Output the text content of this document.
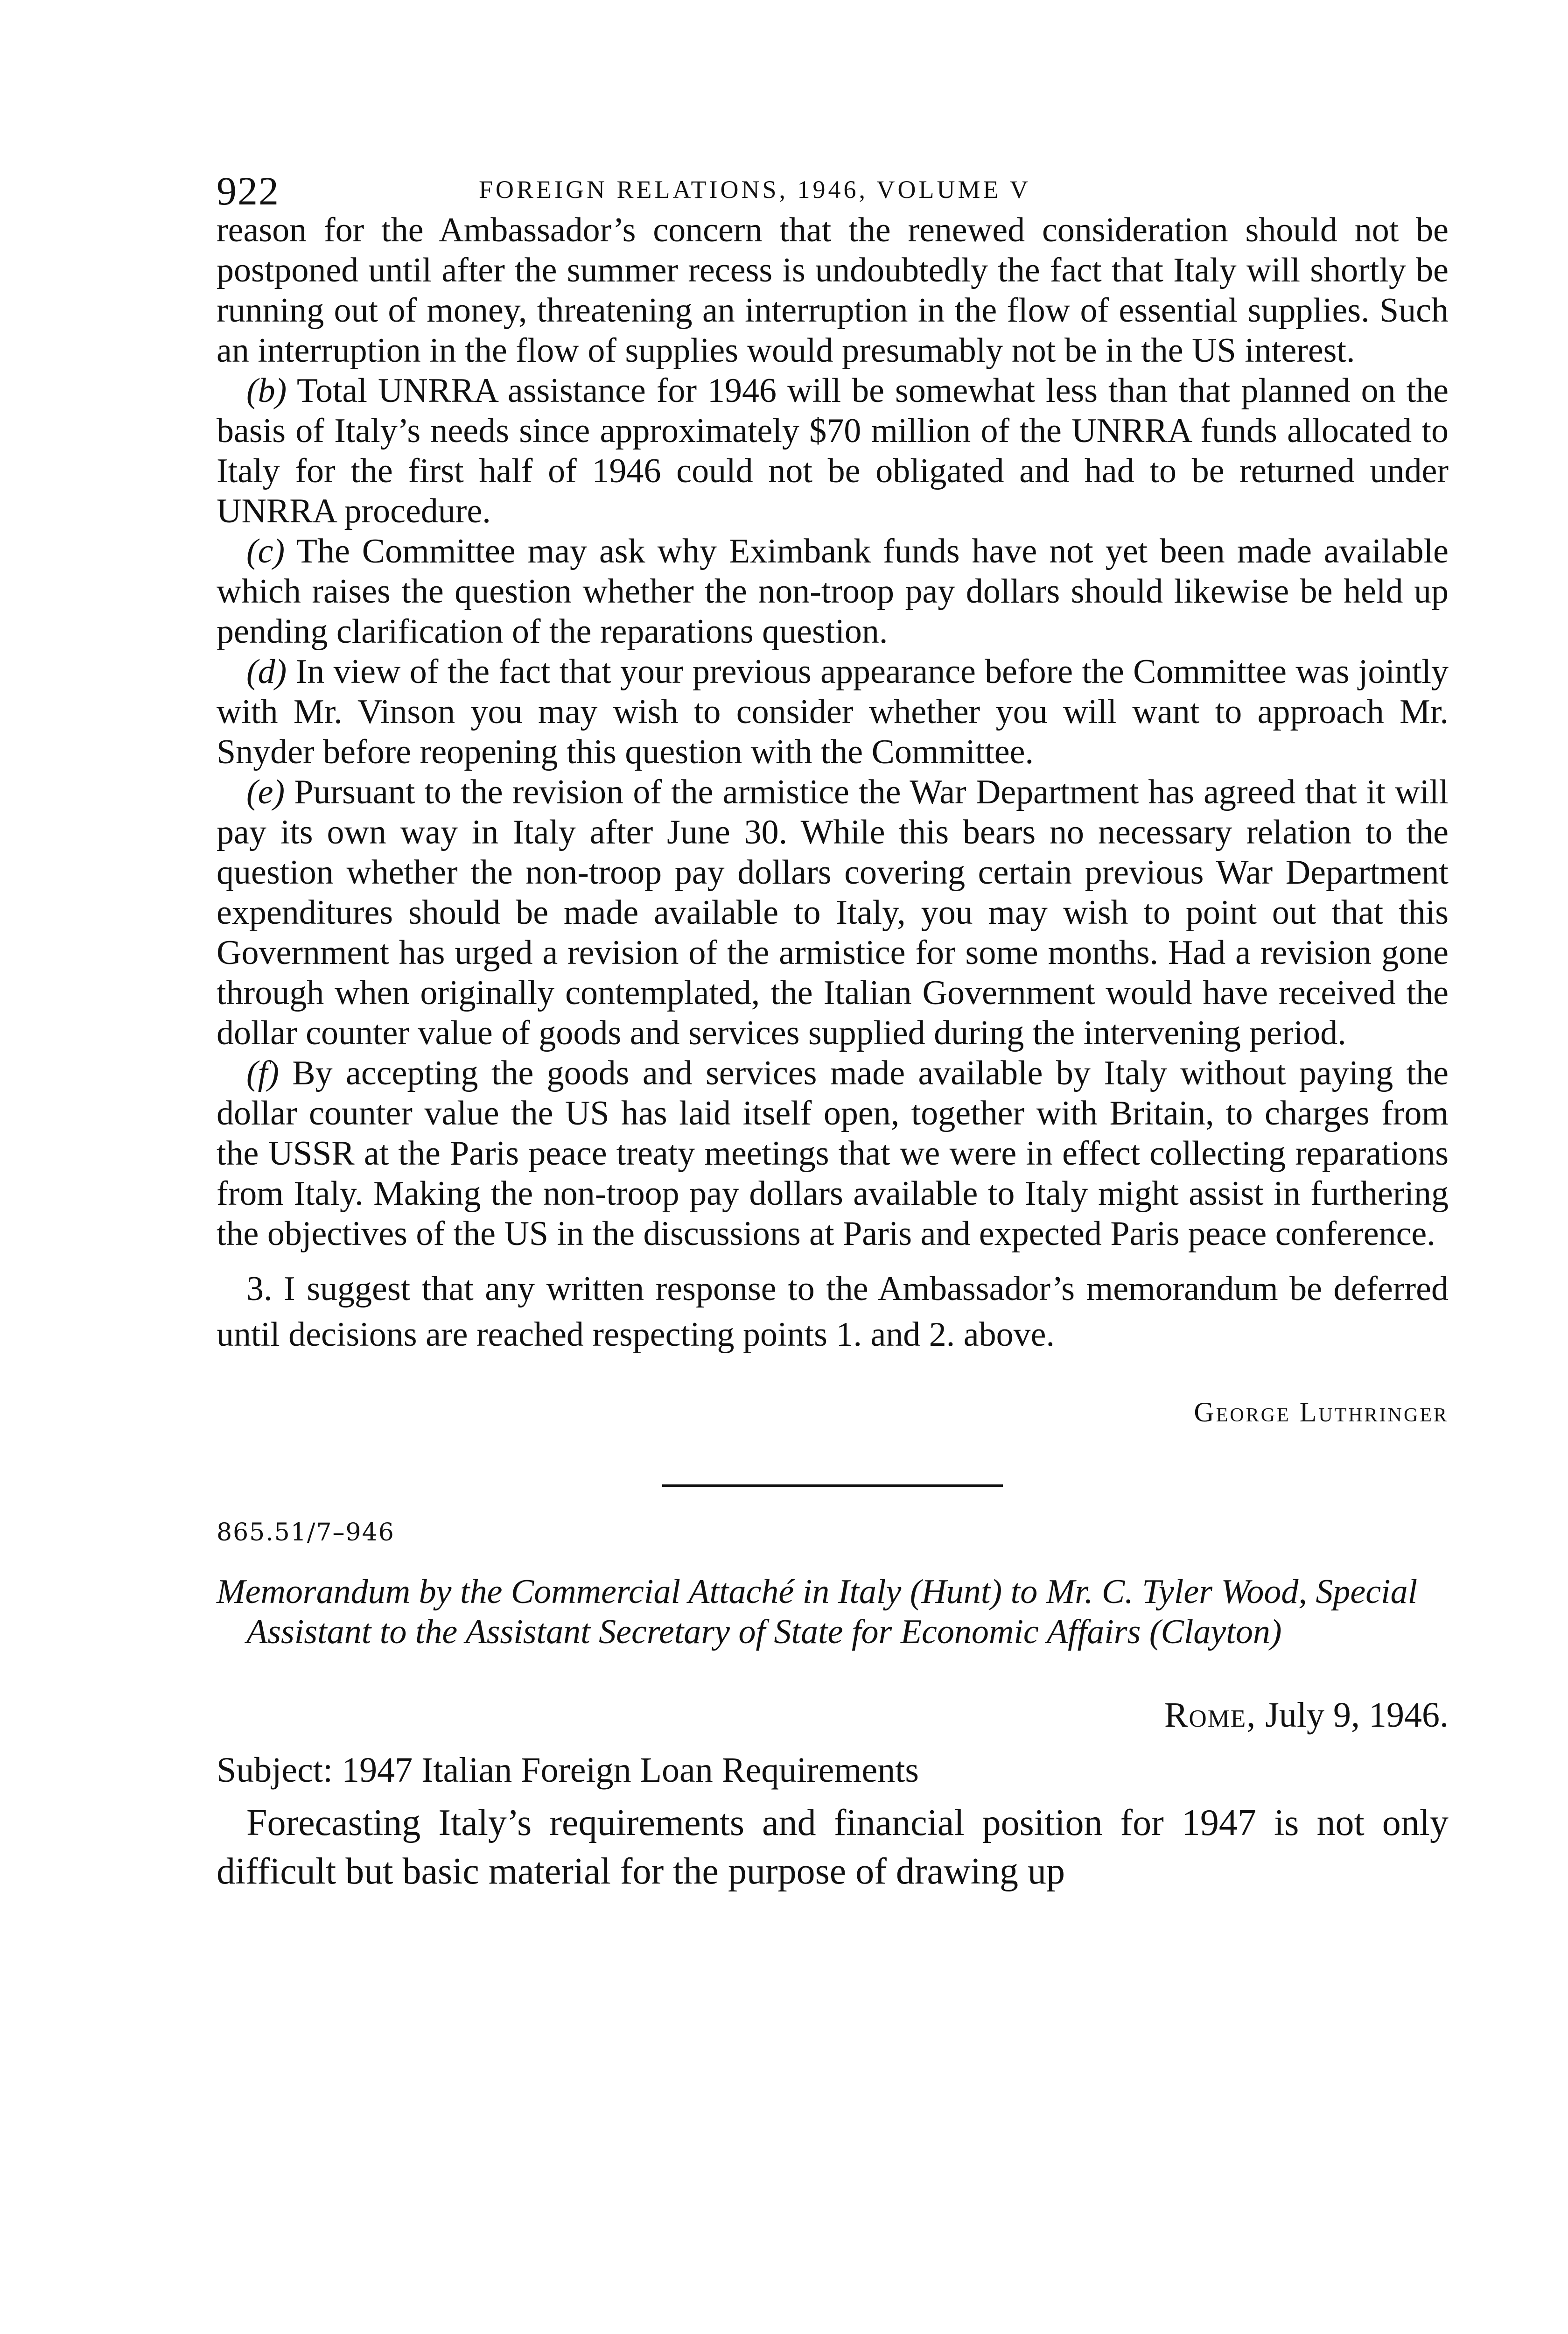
922	FOREIGN RELATIONS, 1946, VOLUME V

reason for the Ambassador’s concern that the renewed consideration should not be postponed until after the summer recess is undoubtedly the fact that Italy will shortly be running out of money, threatening an interruption in the flow of essential supplies. Such an interruption in the flow of supplies would presumably not be in the US interest.

(b) Total UNRRA assistance for 1946 will be somewhat less than that planned on the basis of Italy’s needs since approximately $70 million of the UNRRA funds allocated to Italy for the first half of 1946 could not be obligated and had to be returned under UNRRA procedure.

(c) The Committee may ask why Eximbank funds have not yet been made available which raises the question whether the non-troop pay dollars should likewise be held up pending clarification of the reparations question.

(d) In view of the fact that your previous appearance before the Committee was jointly with Mr. Vinson you may wish to consider whether you will want to approach Mr. Snyder before reopening this question with the Committee.

(e) Pursuant to the revision of the armistice the War Department has agreed that it will pay its own way in Italy after June 30. While this bears no necessary relation to the question whether the non-troop pay dollars covering certain previous War Department expenditures should be made available to Italy, you may wish to point out that this Government has urged a revision of the armistice for some months. Had a revision gone through when originally contemplated, the Italian Government would have received the dollar counter value of goods and services supplied during the intervening period.

(f) By accepting the goods and services made available by Italy without paying the dollar counter value the US has laid itself open, together with Britain, to charges from the USSR at the Paris peace treaty meetings that we were in effect collecting reparations from Italy. Making the non-troop pay dollars available to Italy might assist in furthering the objectives of the US in the discussions at Paris and expected Paris peace conference.

3. I suggest that any written response to the Ambassador’s memorandum be deferred until decisions are reached respecting points 1. and 2. above.

George Luthringer
865.51/7–946
Memorandum by the Commercial Attaché in Italy (Hunt) to Mr. C. Tyler Wood, Special Assistant to the Assistant Secretary of State for Economic Affairs (Clayton)
Rome, July 9, 1946.
Subject: 1947 Italian Foreign Loan Requirements

Forecasting Italy’s requirements and financial position for 1947 is not only difficult but basic material for the purpose of drawing up
